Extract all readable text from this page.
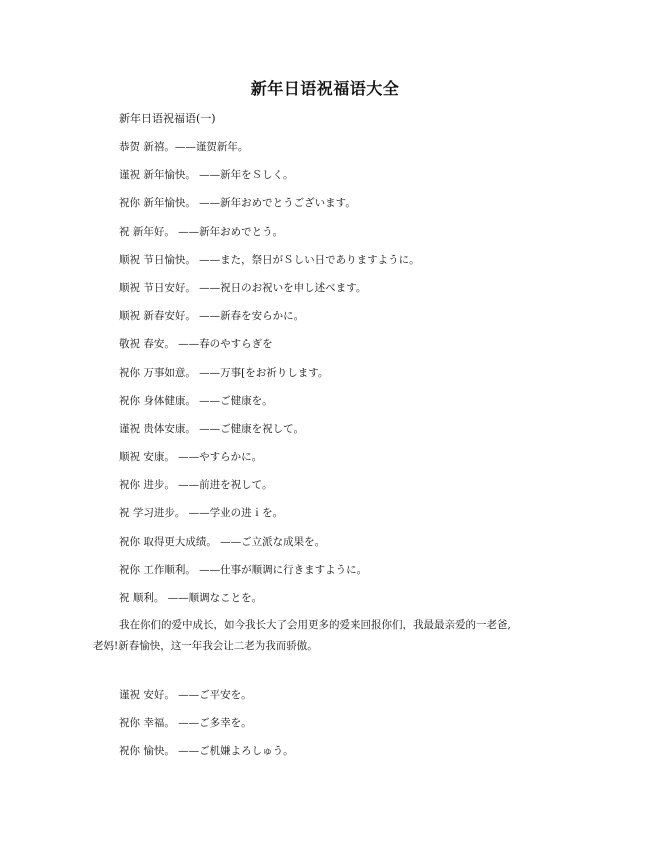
新年日语祝福语大全
新年日语祝福语(一)
恭贺 新禧。——谨贺新年。
谨祝 新年愉快。 ——新年をＳしく。
祝你 新年愉快。 ——新年おめでとうございます。
祝 新年好。 ——新年おめでとう。
顺祝 节日愉快。 ——また，祭日がＳしい日でありますように。
顺祝 节日安好。 ——祝日のお祝いを申し述べます。
顺祝 新春安好。 ——新春を安らかに。
敬祝 春安。 ——春のやすらぎを
祝你 万事如意。 ——万事[をお祈りします。
祝你 身体健康。 ——ご健康を。
谨祝 贵体安康。 ——ご健康を祝して。
顺祝 安康。 ——やすらかに。
祝你 进步。 ——前进を祝して。
祝 学习进步。 ——学业の进ｉを。
祝你 取得更大成绩。 ——ご立派な成果を。
祝你 工作顺利。 ——仕事が顺调に行きますように。
祝 顺利。 ——顺调なことを。
我在你们的爱中成长，如今我长大了会用更多的爱来回报你们，我最最亲爱的一老爸,
老妈!新春愉快，这一年我会让二老为我而骄傲。
谨祝 安好。 ——ご平安を。
祝你 幸福。 ——ご多幸を。
祝你 愉快。 ——ご机嫌よろしゅう。
